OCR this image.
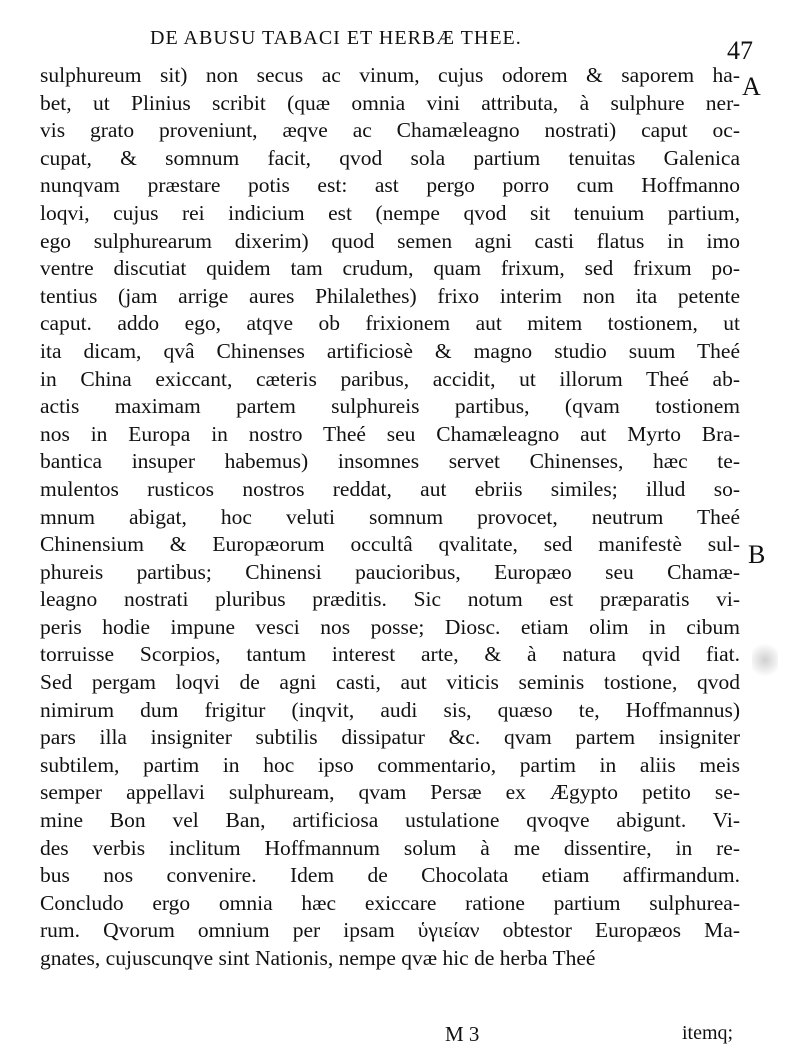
DE ABUSU TABACI ET HERBÆ THEE.	47
A
B
sulphureum sit) non secus ac vinum, cujus odorem & saporem ha-
bet, ut Plinius scribit (quæ omnia vini attributa, à sulphure ner-
vis grato proveniunt, æqve ac Chamæleagno nostrati) caput oc-
cupat, & somnum facit, qvod sola partium tenuitas Galenica
nunqvam præstare potis est: ast pergo porro cum Hoffmanno
loqvi, cujus rei indicium est (nempe qvod sit tenuium partium,
ego sulphurearum dixerim) quod semen agni casti flatus in imo
ventre discutiat quidem tam crudum, quam frixum, sed frixum po-
tentius (jam arrige aures Philalethes) frixo interim non ita petente
caput. addo ego, atqve ob frixionem aut mitem tostionem, ut
ita dicam, qvâ Chinenses artificiosè & magno studio suum Theé
in China exiccant, cæteris paribus, accidit, ut illorum Theé ab-
actis maximam partem sulphureis partibus, (qvam tostionem
nos in Europa in nostro Theé seu Chamæleagno aut Myrto Bra-
bantica insuper habemus) insomnes servet Chinenses, hæc te-
mulentos rusticos nostros reddat, aut ebriis similes; illud so-
mnum abigat, hoc veluti somnum provocet, neutrum Theé
Chinensium & Europæorum occultâ qvalitate, sed manifestè sul-
phureis partibus; Chinensi paucioribus, Europæo seu Chamæ-
leagno nostrati pluribus præditis. Sic notum est præparatis vi-
peris hodie impune vesci nos posse; Diosc. etiam olim in cibum
torruisse Scorpios, tantum interest arte, & à natura qvid fiat.
Sed pergam loqvi de agni casti, aut viticis seminis tostione, qvod
nimirum dum frigitur (inqvit, audi sis, quæso te, Hoffmannus)
pars illa insigniter subtilis dissipatur &c. qvam partem insigniter
subtilem, partim in hoc ipso commentario, partim in aliis meis
semper appellavi sulphuream, qvam Persæ ex Ægypto petito se-
mine Bon vel Ban, artificiosa ustulatione qvoqve abigunt. Vi-
des verbis inclitum Hoffmannum solum à me dissentire, in re-
bus nos convenire. Idem de Chocolata etiam affirmandum.
Concludo ergo omnia hæc exiccare ratione partium sulphurea-
rum. Qvorum omnium per ipsam ὑγιείαν obtestor Europæos Ma-
gnates, cujuscunqve sint Nationis, nempe qvæ hic de herba Theé
M 3	itemq;
